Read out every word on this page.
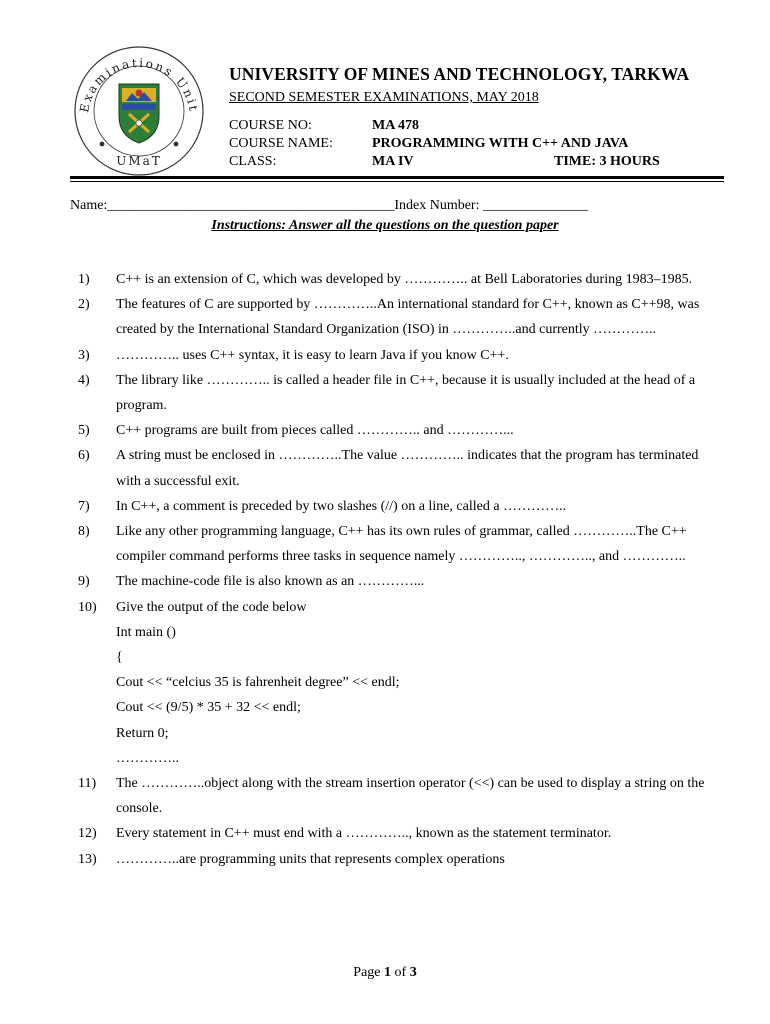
Examinations Unit
UMaT
UNIVERSITY OF MINES AND TECHNOLOGY, TARKWA
SECOND SEMESTER EXAMINATIONS, MAY 2018
COURSE NO:	MA 478
COURSE NAME:	PROGRAMMING WITH C++ AND JAVA
CLASS:	MA IV	TIME: 3 HOURS
Name:_________________________________________Index Number: _______________
Instructions: Answer all the questions on the question paper
1) C++ is an extension of C, which was developed by ………….. at Bell Laboratories during 1983–1985.
2) The features of C are supported by …………..An international standard for C++, known as C++98, was created by the International Standard Organization (ISO) in …………..and currently …………..
3) ………….. uses C++ syntax, it is easy to learn Java if you know C++.
4) The library like ………….. is called a header file in C++, because it is usually included at the head of a program.
5) C++ programs are built from pieces called ………….. and …………...
6) A string must be enclosed in …………..The value ………….. indicates that the program has terminated with a successful exit.
7) In C++, a comment is preceded by two slashes (//) on a line, called a …………..
8) Like any other programming language, C++ has its own rules of grammar, called …………..The C++ compiler command performs three tasks in sequence namely ………….., ………….., and …………..
9) The machine-code file is also known as an …………...
10) Give the output of the code below
Int main ()
{
Cout << “celcius 35 is fahrenheit degree” << endl;
Cout << (9/5) * 35 + 32 << endl;
Return 0;
…………..
11) The …………..object along with the stream insertion operator (<<) can be used to display a string on the console.
12) Every statement in C++ must end with a ………….., known as the statement terminator.
13) …………..are programming units that represents complex operations
Page 1 of 3
